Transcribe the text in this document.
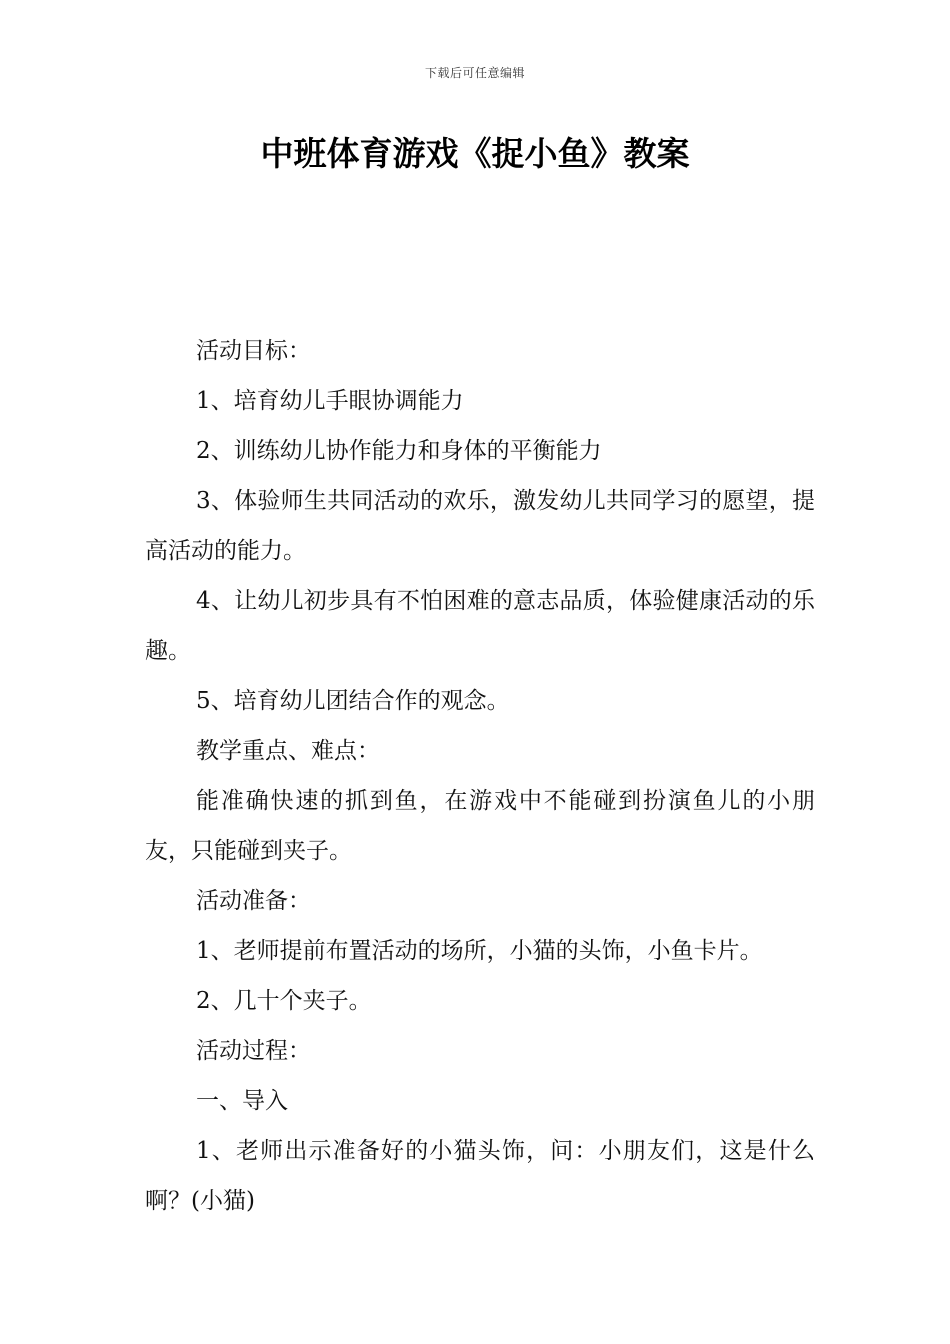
下载后可任意编辑
中班体育游戏《捉小鱼》教案

活动目标：

1、培育幼儿手眼协调能力

2、训练幼儿协作能力和身体的平衡能力

3、体验师生共同活动的欢乐，激发幼儿共同学习的愿望，提高活动的能力。

4、让幼儿初步具有不怕困难的意志品质，体验健康活动的乐趣。

5、培育幼儿团结合作的观念。

教学重点、难点：

能准确快速的抓到鱼，在游戏中不能碰到扮演鱼儿的小朋友，只能碰到夹子。

活动准备：

1、老师提前布置活动的场所，小猫的头饰，小鱼卡片。

2、几十个夹子。

活动过程：

一、导入

1、老师出示准备好的小猫头饰，问：小朋友们，这是什么啊？(小猫)
